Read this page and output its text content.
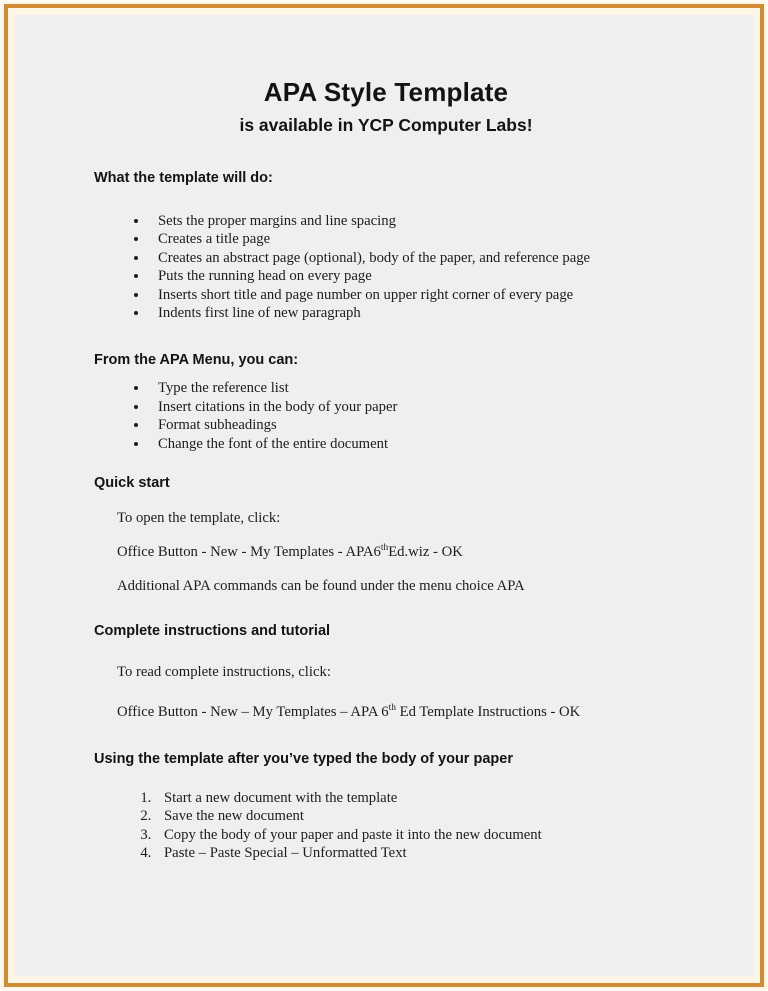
APA Style Template
is available in YCP Computer Labs!
What the template will do:
• Sets the proper margins and line spacing
• Creates a title page
• Creates an abstract page (optional), body of the paper, and reference page
• Puts the running head on every page
• Inserts short title and page number on upper right corner of every page
• Indents first line of new paragraph
From the APA Menu, you can:
• Type the reference list
• Insert citations in the body of your paper
• Format subheadings
• Change the font of the entire document
Quick start

To open the template, click:

Office Button - New - My Templates - APA6thEd.wiz - OK

Additional APA commands can be found under the menu choice APA

Complete instructions and tutorial

To read complete instructions, click:

Office Button - New – My Templates – APA 6th Ed Template Instructions - OK

Using the template after you’ve typed the body of your paper
1. Start a new document with the template
2. Save the new document
3. Copy the body of your paper and paste it into the new document
4. Paste – Paste Special – Unformatted Text
